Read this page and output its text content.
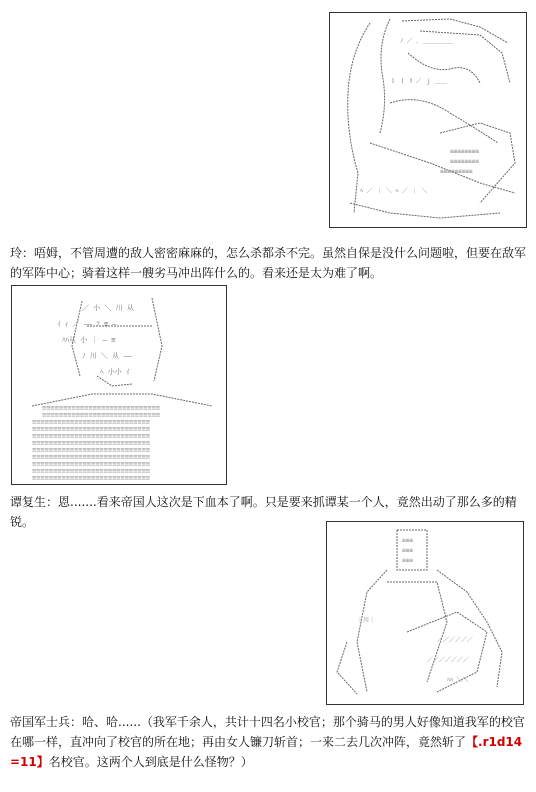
ﾉ ／ ､ ＿＿＿＿＿
ｌ ｌ ﾘ ／ ｊ ＿＿
≡≡≡≡≡≡≡≡
≡≡≡≡≡≡≡≡
≡≡≡≡≡≡≡≡≡
ﾍ ／ ｜ ＼ ﾍ ／ ｜ ＼

玲：唔姆，不管周遭的敌人密密麻麻的，怎么杀都杀不完。虽然自保是没什么问题啦，但要在敌军的军阵中心；骑着这样一艘劣马冲出阵什么的。看来还是太为难了啊。

／ 小 ＼ 川 从
ｲ ｨ ／ —— ﾌ ≡ —
ﾊﾊ从 小 ｜ — ≡
ﾉ 川 ＼ 从 ——
ﾍ 小小 ｲ
≡≡≡≡≡≡≡≡≡≡≡≡≡≡≡≡≡≡≡≡≡≡≡≡≡≡≡≡
≡≡≡≡≡≡≡≡≡≡≡≡≡≡≡≡≡≡≡≡≡≡≡≡≡≡≡≡
≡≡≡≡≡≡≡≡≡≡≡≡≡≡≡≡≡≡≡≡≡≡≡≡≡≡≡≡
≡≡≡≡≡≡≡≡≡≡≡≡≡≡≡≡≡≡≡≡≡≡≡≡≡≡≡≡
≡≡≡≡≡≡≡≡≡≡≡≡≡≡≡≡≡≡≡≡≡≡≡≡≡≡≡≡
≡≡≡≡≡≡≡≡≡≡≡≡≡≡≡≡≡≡≡≡≡≡≡≡≡≡≡≡
≡≡≡≡≡≡≡≡≡≡≡≡≡≡≡≡≡≡≡≡≡≡≡≡≡≡≡≡
≡≡≡≡≡≡≡≡≡≡≡≡≡≡≡≡≡≡≡≡≡≡≡≡≡≡≡≡
≡≡≡≡≡≡≡≡≡≡≡≡≡≡≡≡≡≡≡≡≡≡≡≡≡≡≡≡
≡≡≡≡≡≡≡≡≡≡≡≡≡≡≡≡≡≡≡≡≡≡≡≡≡≡≡≡
≡≡≡≡≡≡≡≡≡≡≡≡≡≡≡≡≡≡≡≡≡≡≡≡≡≡≡≡

谭复生：恩.......看来帝国人这次是下血本了啊。只是要来抓谭某一个人，竟然出动了那么多的精锐。

≡≡≡
≡≡≡
≡≡≡
｜川｜
／／／／／／
／／／／／／／
ﾊﾊ ＼＼

帝国军士兵：哈、哈......（我军千余人，共计十四名小校官；那个骑马的男人好像知道我军的校官在哪一样，直冲向了校官的所在地；再由女人镰刀斩首；一来二去几次冲阵，竟然斩了【.r1d14=11】名校官。这两个人到底是什么怪物？）
